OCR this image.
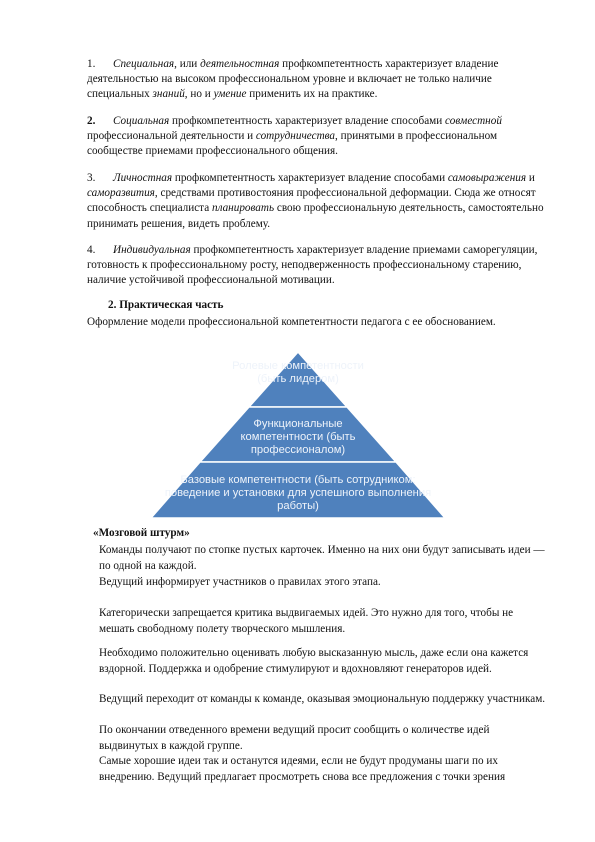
1. Специальная, или деятельностная профкомпетентность характеризует владение деятельностью на высоком профессиональном уровне и включает не только наличие специальных знаний, но и умение применить их на практике.

2. Социальная профкомпетентность характеризует владение способами совместной профессиональной деятельности и сотрудничества, принятыми в профессиональном сообществе приемами профессионального общения.

3. Личностная профкомпетентность характеризует владение способами самовыражения и саморазвития, средствами противостояния профессиональной деформации. Сюда же относят способность специалиста планировать свою профессиональную деятельность, самостоятельно принимать решения, видеть проблему.

4. Индивидуальная профкомпетентность характеризует владение приемами саморегуляции, готовность к профессиональному росту, неподверженность профессиональному старению, наличие устойчивой профессиональной мотивации.

2. Практическая часть
Оформление модели профессиональной компетентности педагога с ее обоснованием.
Ролевые компетентности (быть лидером)
Функциональные компетентности (быть профессионалом)
Базовые компетентности (быть сотрудником: поведение и установки для успешного выполнения работы)
«Мозговой штурм»

Команды получают по стопке пустых карточек. Именно на них они будут записывать идеи — по одной на каждой.

Ведущий информирует участников о правилах этого этапа.

Категорически запрещается критика выдвигаемых идей. Это нужно для того, чтобы не мешать свободному полету творческого мышления.

Необходимо положительно оценивать любую высказанную мысль, даже если она кажется вздорной. Поддержка и одобрение стимулируют и вдохновляют генераторов идей.

Ведущий переходит от команды к команде, оказывая эмоциональную поддержку участникам.

По окончании отведенного времени ведущий просит сообщить о количестве идей выдвинутых в каждой группе.

Самые хорошие идеи так и останутся идеями, если не будут продуманы шаги по их внедрению. Ведущий предлагает просмотреть снова все предложения с точки зрения
